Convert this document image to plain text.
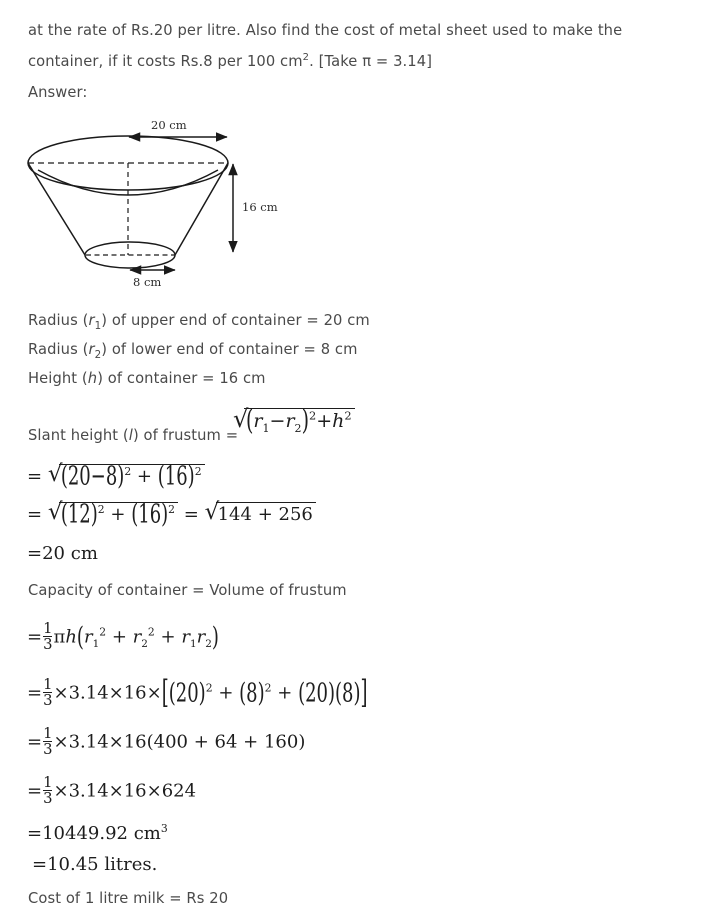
at the rate of Rs.20 per litre. Also find the cost of metal sheet used to make the
container, if it costs Rs.8 per 100 $cm^2$. [Take π = 3.14]
Answer:
20 cm
16 cm
8 cm
Radius $(r_1)$ of upper end of container = 20 cm
Radius $(r_2)$ of lower end of container = 8 cm
Height (h) of container = 16 cm
Slant height (l) of frustum =
√
$(r_1-r_2)^2+h^2$
= √
$(20-8)^2 + (16)^2$
= √
$(12)^2 + (16)^2$ = √
144 + 256
=20 cm
Capacity of container = Volume of frustum
= $\frac{1}{3} \pi h(r_1^2 + r_2^2 + r_1r_2)$
= $\frac{1}{3} \times 3.14\times 16\times[(20)^2 + (8)^2 + (20)(8)]$
= $\frac{1}{3} \times 3.14\times 16(400 + 64 + 160)$
= $\frac{1}{3} \times 3.14\times 16\times 624$
=10449.92 $cm^3$
=10.45 litres.
Cost of 1 litre milk = Rs 20
